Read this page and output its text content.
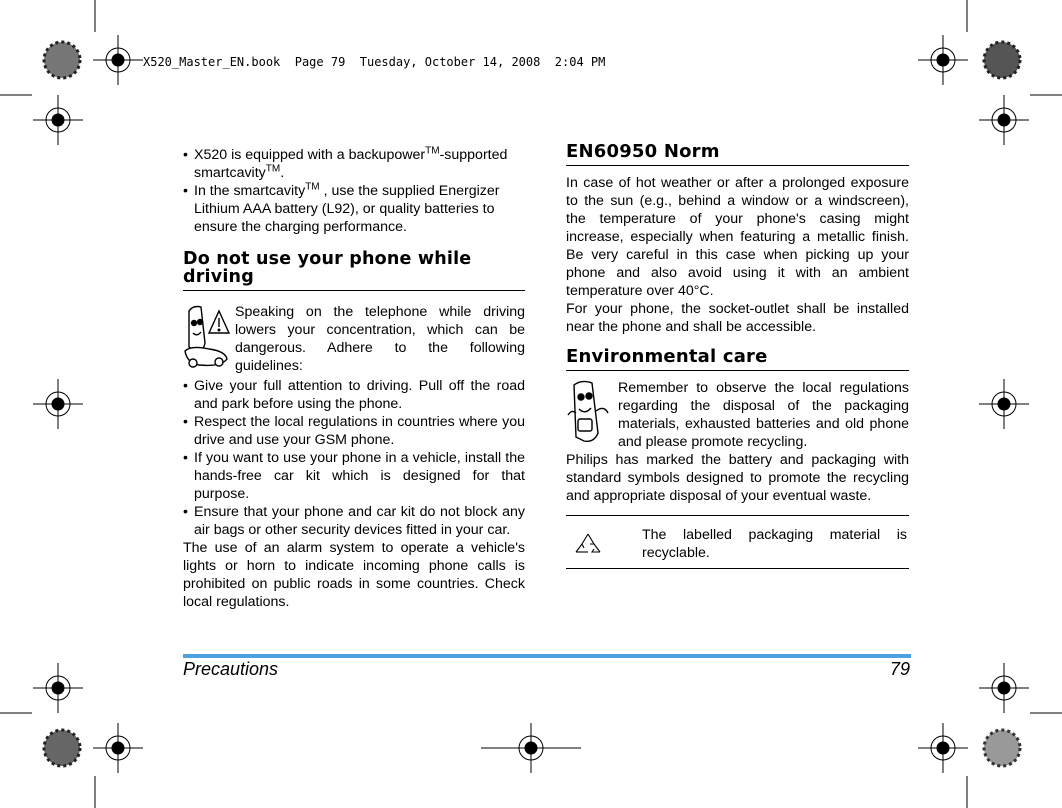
X520_Master_EN.book  Page 79  Tuesday, October 14, 2008  2:04 PM

• X520 is equipped with a backupower™-supported smartcavity™.

• In the smartcavity™ , use the supplied Energizer Lithium AAA battery (L92), or quality batteries to ensure the charging performance.

Do not use your phone while driving
Speaking on the telephone while driving lowers your concentration, which can be dangerous. Adhere to the following guidelines:

• Give your full attention to driving. Pull off the road and park before using the phone.

• Respect the local regulations in countries where you drive and use your GSM phone.

• If you want to use your phone in a vehicle, install the hands-free car kit which is designed for that purpose.

• Ensure that your phone and car kit do not block any air bags or other security devices fitted in your car.

The use of an alarm system to operate a vehicle's lights or horn to indicate incoming phone calls is prohibited on public roads in some countries. Check local regulations.

EN60950 Norm

In case of hot weather or after a prolonged exposure to the sun (e.g., behind a window or a windscreen), the temperature of your phone's casing might increase, especially when featuring a metallic finish. Be very careful in this case when picking up your phone and also avoid using it with an ambient temperature over 40°C.

For your phone, the socket-outlet shall be installed near the phone and shall be accessible.

Environmental care
Remember to observe the local regulations regarding the disposal of the packaging materials, exhausted batteries and old phone and please promote recycling.

Philips has marked the battery and packaging with standard symbols designed to promote the recycling and appropriate disposal of your eventual waste.

The labelled packaging material is recyclable.
Precautions	79
